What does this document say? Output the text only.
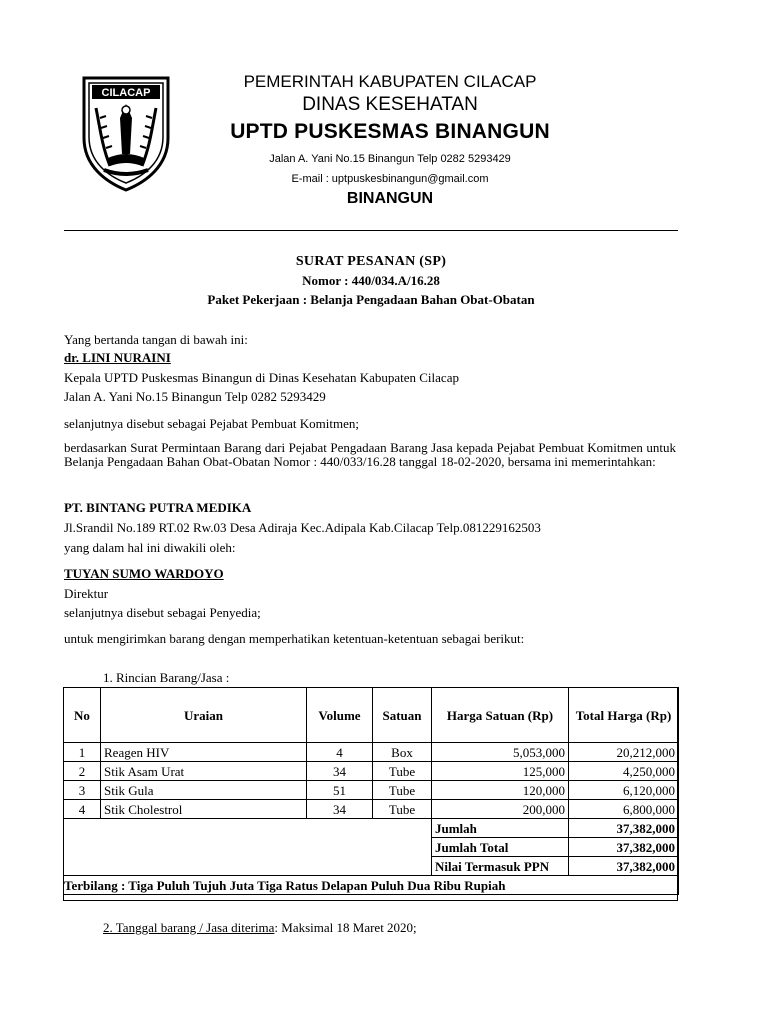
CILACAP
PEMERINTAH KABUPATEN CILACAP
DINAS KESEHATAN
UPTD PUSKESMAS BINANGUN
Jalan A. Yani No.15 Binangun Telp 0282 5293429
E-mail : uptpuskesbinangun@gmail.com
BINANGUN
SURAT PESANAN (SP)
Nomor : 440/034.A/16.28
Paket Pekerjaan : Belanja Pengadaan Bahan Obat-Obatan
Yang bertanda tangan di bawah ini:
dr. LINI NURAINI
Kepala UPTD Puskesmas Binangun di Dinas Kesehatan Kabupaten Cilacap
Jalan A. Yani No.15 Binangun Telp 0282 5293429
selanjutnya disebut sebagai Pejabat Pembuat Komitmen;
berdasarkan Surat Permintaan Barang dari Pejabat Pengadaan Barang Jasa kepada Pejabat Pembuat Komitmen untuk Belanja Pengadaan Bahan Obat-Obatan Nomor : 440/033/16.28 tanggal 18-02-2020, bersama ini memerintahkan:
PT. BINTANG PUTRA MEDIKA
Jl.Srandil No.189 RT.02 Rw.03 Desa Adiraja Kec.Adipala Kab.Cilacap Telp.081229162503
yang dalam hal ini diwakili oleh:
TUYAN SUMO WARDOYO
Direktur
selanjutnya disebut sebagai Penyedia;
untuk mengirimkan barang dengan memperhatikan ketentuan-ketentuan sebagai berikut:
1. Rincian Barang/Jasa :
No	Uraian	Volume	Satuan	Harga Satuan (Rp)	Total Harga (Rp)
1	Reagen HIV	4	Box	5,053,000	20,212,000
2	Stik Asam Urat	34	Tube	125,000	4,250,000
3	Stik Gula	51	Tube	120,000	6,120,000
4	Stik Cholestrol	34	Tube	200,000	6,800,000
				Jumlah	37,382,000
				Jumlah Total	37,382,000
				Nilai Termasuk PPN	37,382,000
Terbilang : Tiga Puluh Tujuh Juta Tiga Ratus Delapan Puluh Dua Ribu Rupiah					
2. Tanggal barang / Jasa diterima: Maksimal 18 Maret 2020;
